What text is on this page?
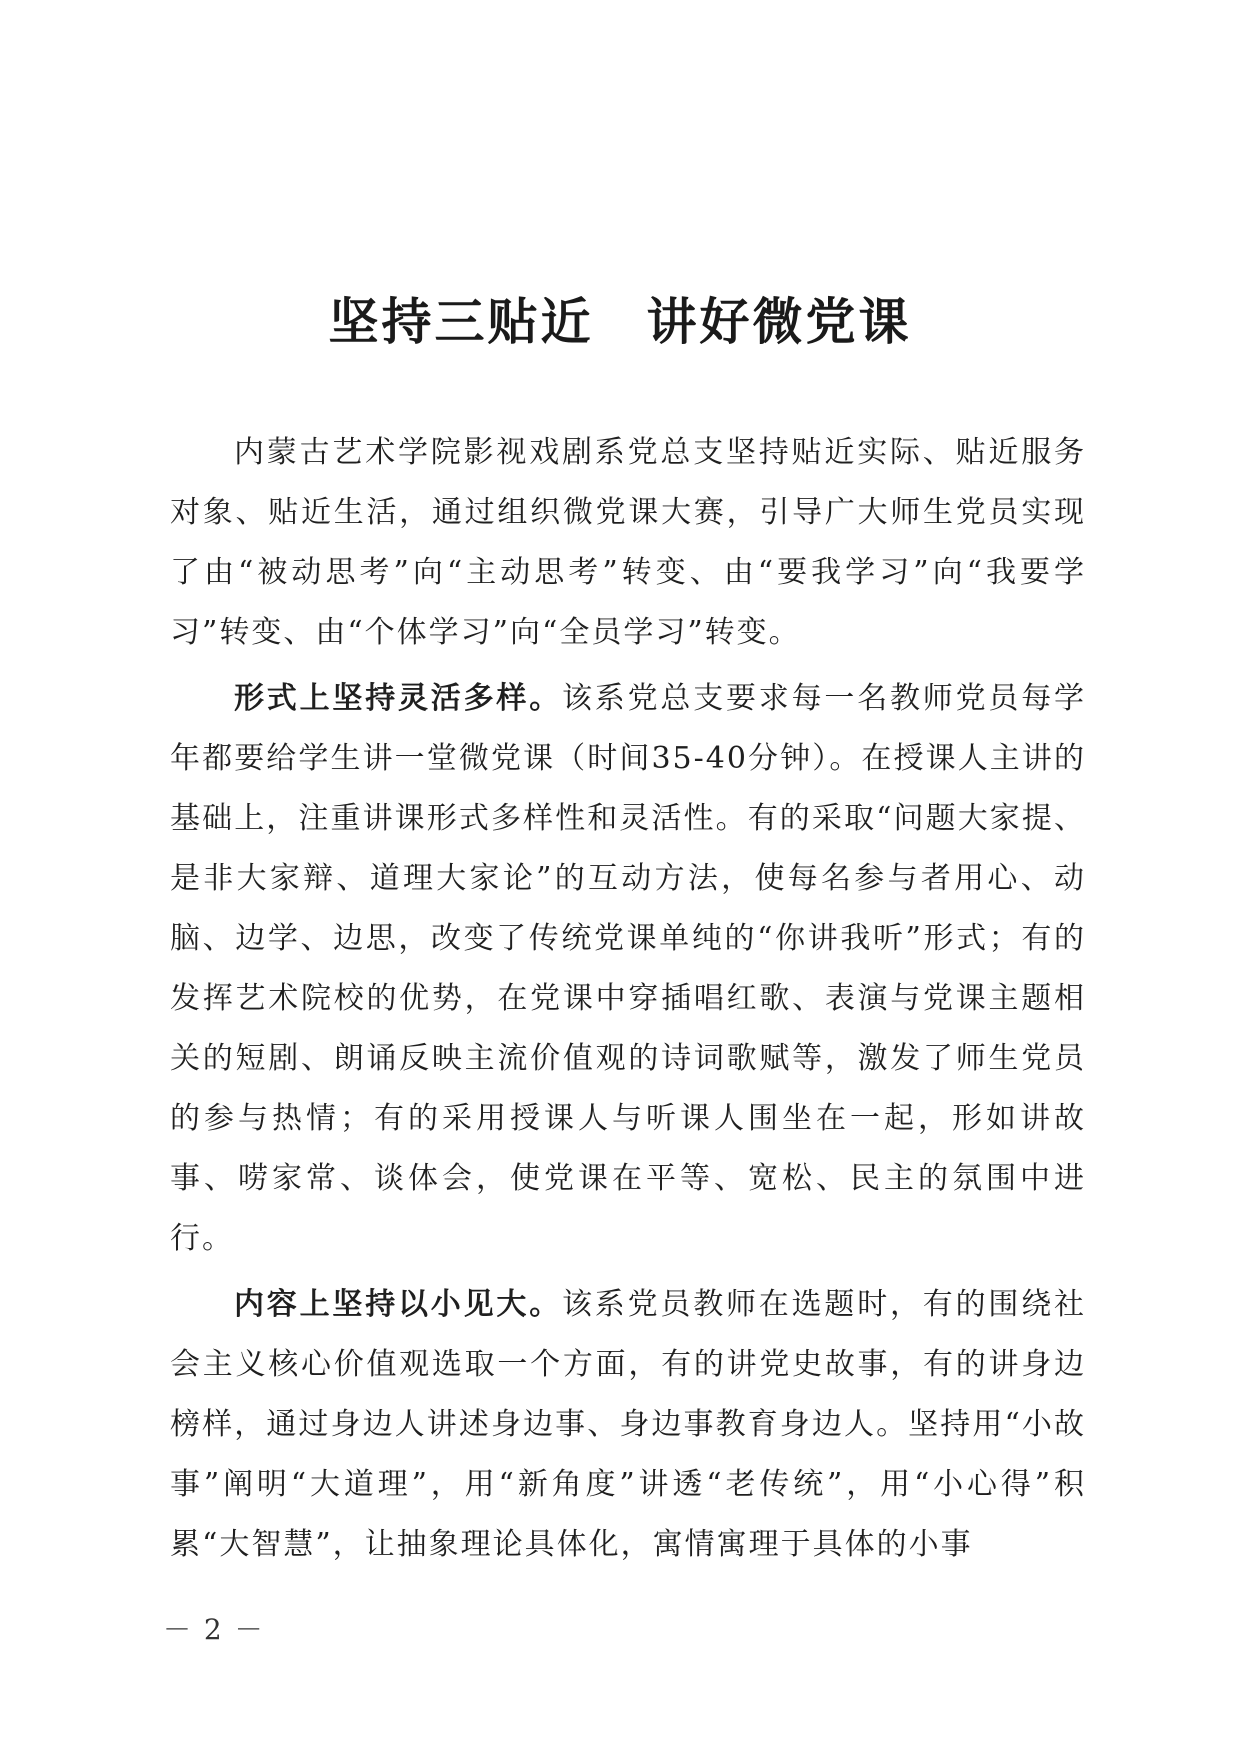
坚持三贴近　讲好微党课

内蒙古艺术学院影视戏剧系党总支坚持贴近实际、贴近服务对象、贴近生活，通过组织微党课大赛，引导广大师生党员实现了由“被动思考”向“主动思考”转变、由“要我学习”向“我要学习”转变、由“个体学习”向“全员学习”转变。

形式上坚持灵活多样。该系党总支要求每一名教师党员每学年都要给学生讲一堂微党课（时间35-40分钟）。在授课人主讲的基础上，注重讲课形式多样性和灵活性。有的采取“问题大家提、是非大家辩、道理大家论”的互动方法，使每名参与者用心、动脑、边学、边思，改变了传统党课单纯的“你讲我听”形式；有的发挥艺术院校的优势，在党课中穿插唱红歌、表演与党课主题相关的短剧、朗诵反映主流价值观的诗词歌赋等，激发了师生党员的参与热情；有的采用授课人与听课人围坐在一起，形如讲故事、唠家常、谈体会，使党课在平等、宽松、民主的氛围中进行。

内容上坚持以小见大。该系党员教师在选题时，有的围绕社会主义核心价值观选取一个方面，有的讲党史故事，有的讲身边榜样，通过身边人讲述身边事、身边事教育身边人。坚持用“小故事”阐明“大道理”，用“新角度”讲透“老传统”，用“小心得”积累“大智慧”，让抽象理论具体化，寓情寓理于具体的小事

－ 2 －
